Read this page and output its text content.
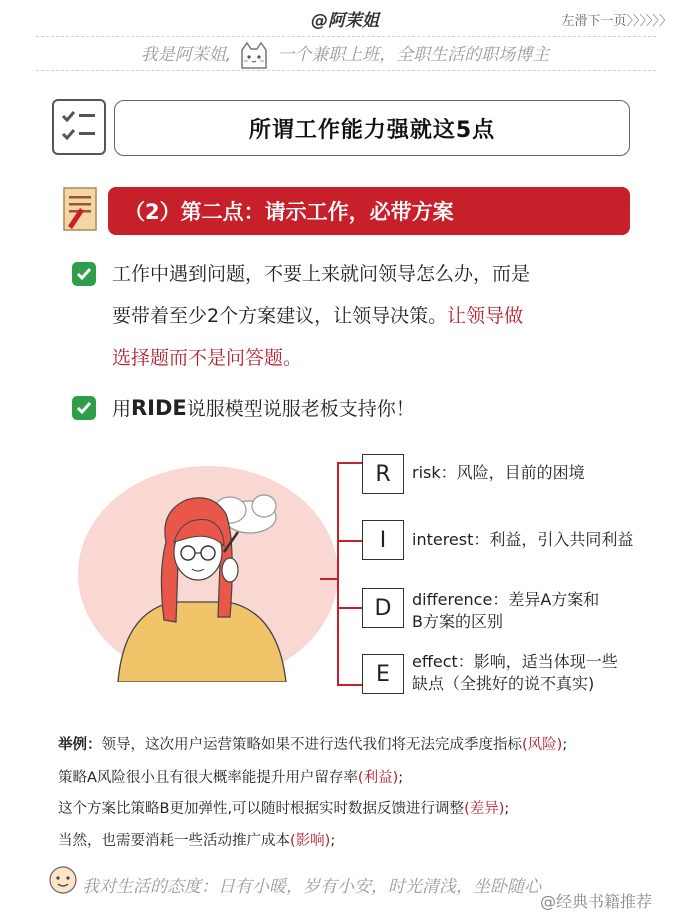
@阿茉姐	左滑下一页〉〉〉〉〉〉
我是阿茉姐,	一个兼职上班，全职生活的职场博主
所谓工作能力强就这5点
（2）第二点：请示工作，必带方案
工作中遇到问题，不要上来就问领导怎么办，而是
要带着至少2个方案建议，让领导决策。让领导做
选择题而不是问答题。
用RIDE说服模型说服老板支持你！
R	risk：风险，目前的困境
I	interest：利益，引入共同利益
D	difference：差异A方案和
B方案的区别
E	effect：影响，适当体现一些
缺点（全挑好的说不真实)
举例：领导，这次用户运营策略如果不进行迭代我们将无法完成季度指标(风险);
策略A风险很小且有很大概率能提升用户留存率(利益);
这个方案比策略B更加弹性,可以随时根据实时数据反馈进行调整(差异);
当然，也需要消耗一些活动推广成本(影响);
我对生活的态度：日有小暖，岁有小安，时光清浅，坐卧随心
@经典书籍推荐
